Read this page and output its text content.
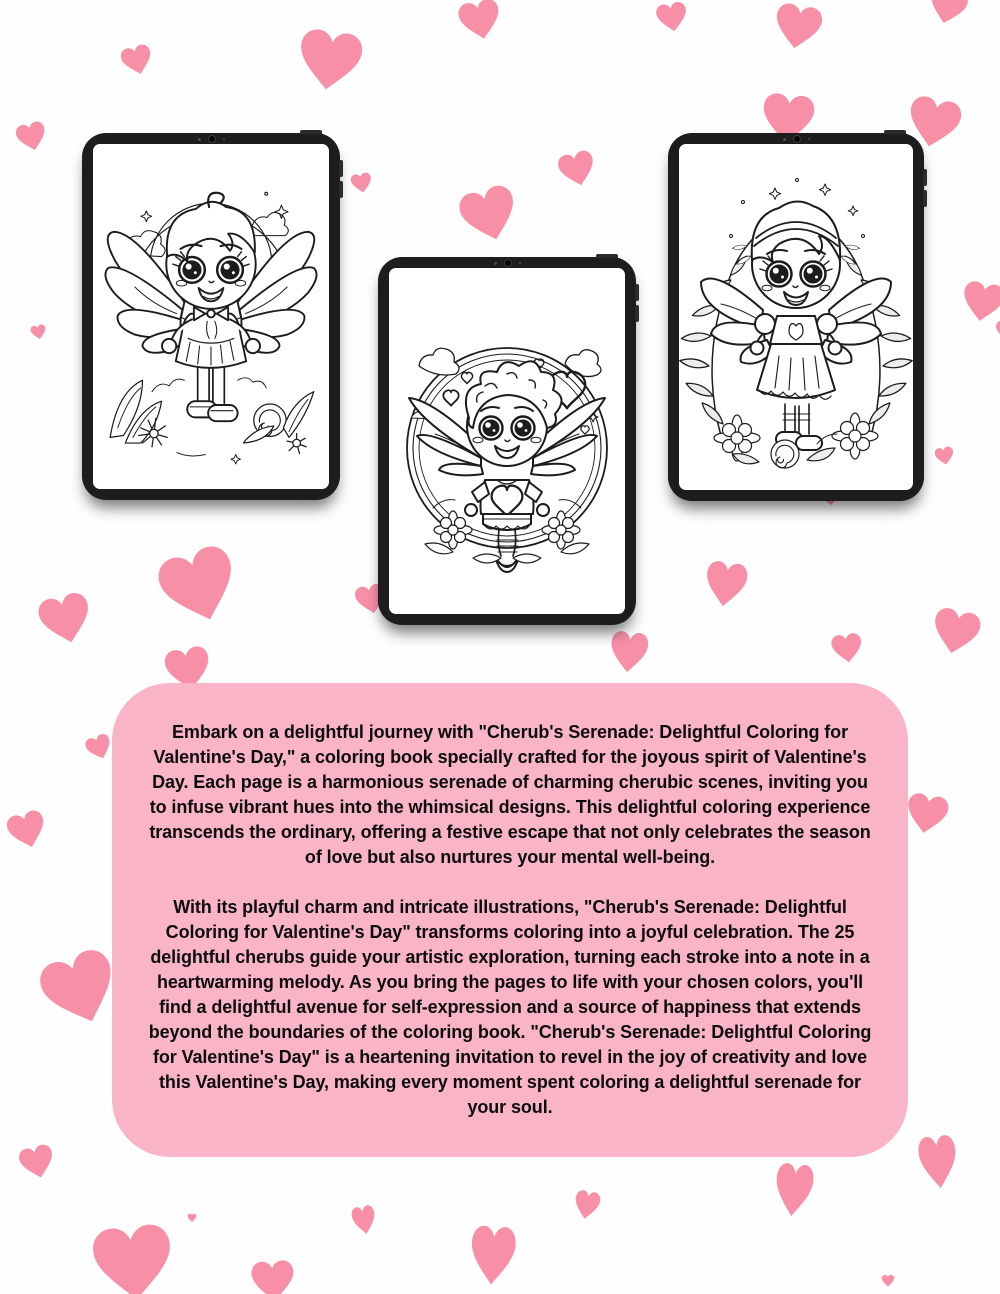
Embark on a delightful journey with "Cherub's Serenade: Delightful Coloring for Valentine's Day," a coloring book specially crafted for the joyous spirit of Valentine's Day. Each page is a harmonious serenade of charming cherubic scenes, inviting you to infuse vibrant hues into the whimsical designs. This delightful coloring experience transcends the ordinary, offering a festive escape that not only celebrates the season of love but also nurtures your mental well-being.

With its playful charm and intricate illustrations, "Cherub's Serenade: Delightful Coloring for Valentine's Day" transforms coloring into a joyful celebration. The 25 delightful cherubs guide your artistic exploration, turning each stroke into a note in a heartwarming melody. As you bring the pages to life with your chosen colors, you'll find a delightful avenue for self-expression and a source of happiness that extends beyond the boundaries of the coloring book. "Cherub's Serenade: Delightful Coloring for Valentine's Day" is a heartening invitation to revel in the joy of creativity and love this Valentine's Day, making every moment spent coloring a delightful serenade for your soul.
